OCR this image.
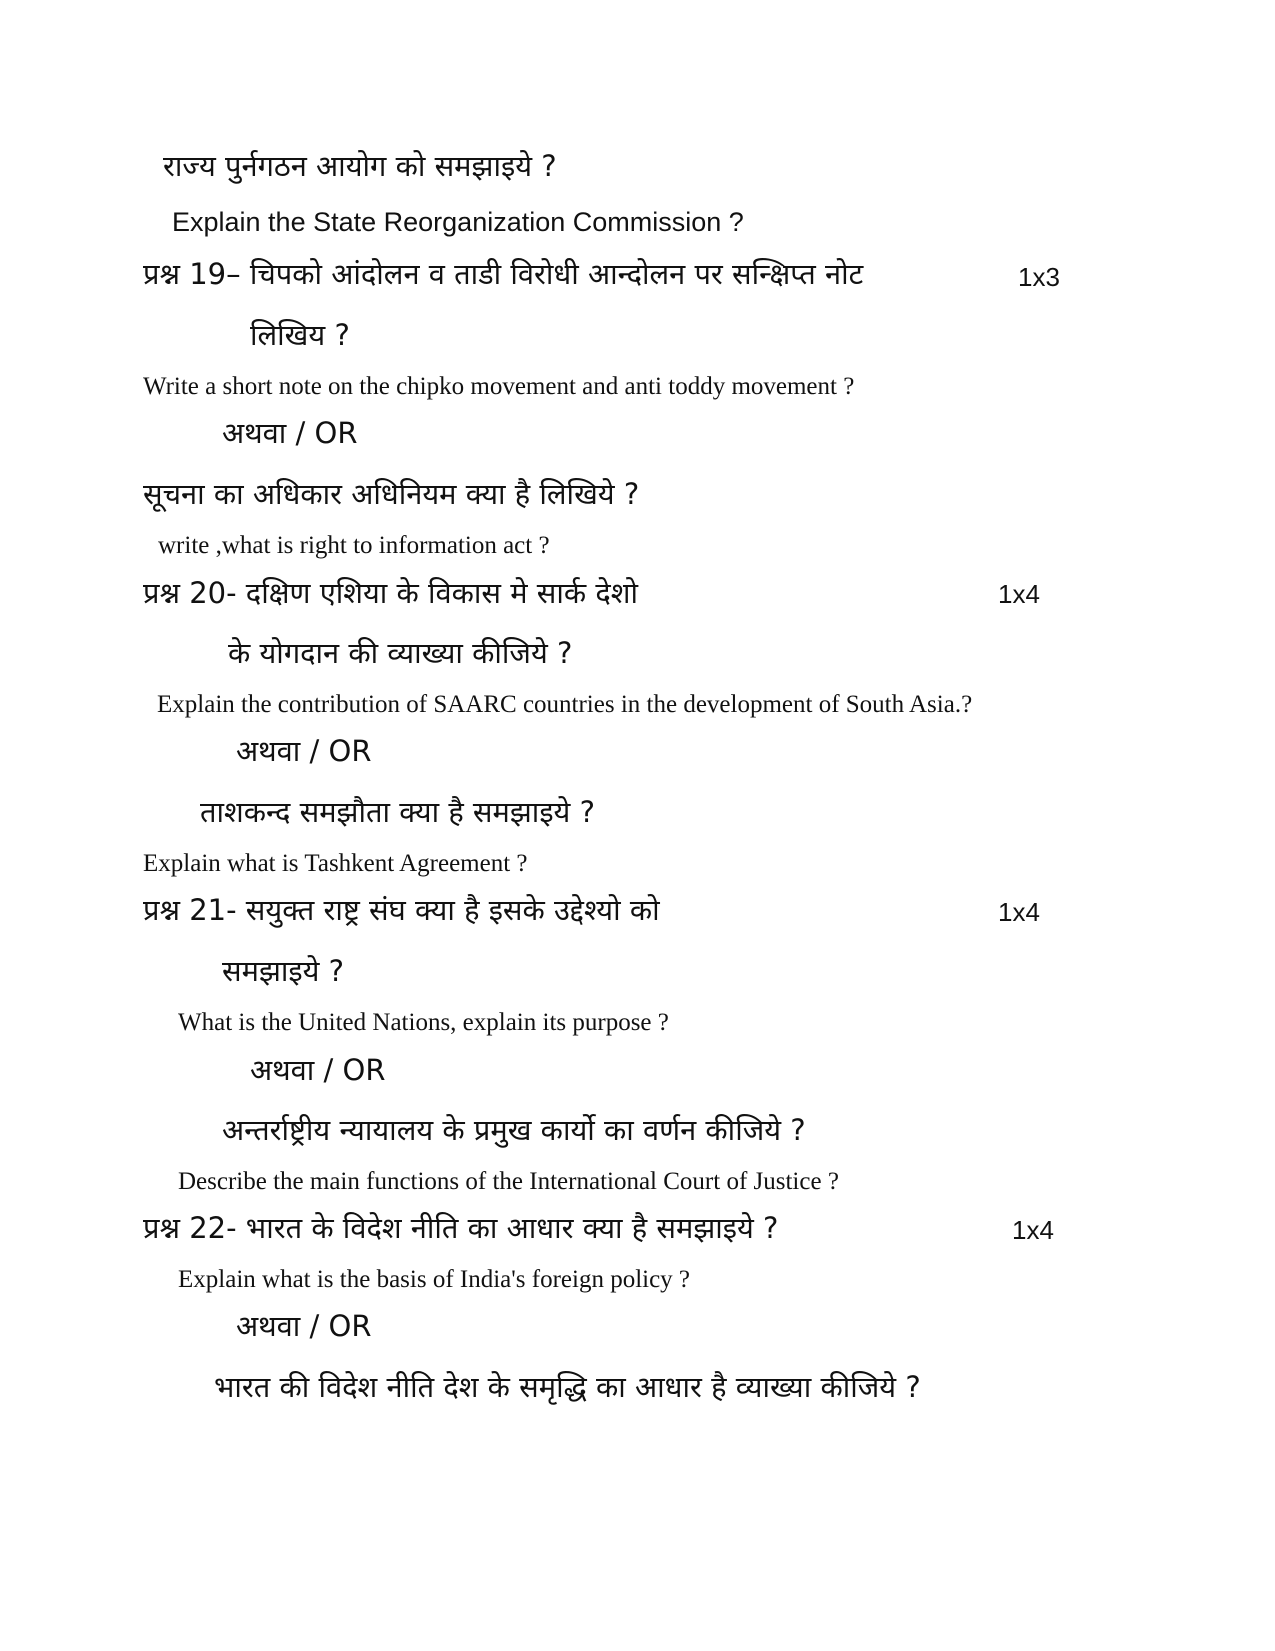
राज्य पुर्नगठन आयोग को समझाइये ?
Explain the State Reorganization Commission ?
प्रश्न 19– चिपको आंदोलन व ताडी विरोधी आन्दोलन पर सन्क्षिप्त नोट	1x3
लिखिय ?
Write a short note on the chipko movement and anti toddy movement ?
अथवा / OR
सूचना का अधिकार अधिनियम क्या है लिखिये ?
write ,what is right to information act ?
प्रश्न 20- दक्षिण एशिया के विकास मे सार्क देशो	1x4
के योगदान की व्याख्या कीजिये ?
Explain the contribution of SAARC countries in the development of South Asia.?
अथवा / OR
ताशकन्द समझौता क्या है समझाइये ?
Explain what is Tashkent Agreement ?
प्रश्न 21- सयुक्त राष्ट्र संघ क्या है इसके उद्देश्यो को	1x4
समझाइये ?
What is the United Nations, explain its purpose ?
अथवा / OR
अन्तर्राष्ट्रीय न्यायालय के प्रमुख कार्यो का वर्णन कीजिये ?
Describe the main functions of the International Court of Justice ?
प्रश्न 22- भारत के विदेश नीति का आधार क्या है समझाइये ?	1x4
Explain what is the basis of India's foreign policy ?
अथवा / OR
भारत की विदेश नीति देश के समृद्धि का आधार है व्याख्या कीजिये ?
